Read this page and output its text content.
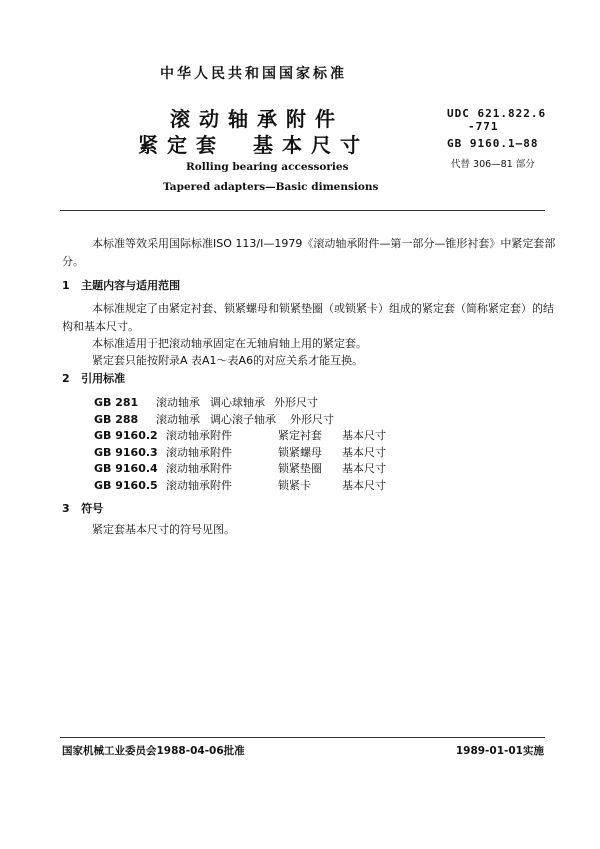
中华人民共和国国家标准
滚动轴承附件
紧定套 基本尺寸
Rolling bearing accessories
Tapered adapters—Basic dimensions
UDC 621.822.6
-771
GB 9160.1—88
代替 306—81 部分
本标准等效采用国际标准ISO 113/I—1979《滚动轴承附件—第一部分—锥形衬套》中紧定套部
分。
1 主题内容与适用范围
本标准规定了由紧定衬套、锁紧螺母和锁紧垫圈（或锁紧卡）组成的紧定套（简称紧定套）的结
构和基本尺寸。
本标准适用于把滚动轴承固定在无轴肩轴上用的紧定套。
紧定套只能按附录A 表A1～表A6的对应关系才能互换。
2 引用标准
GB 281 滚动轴承 调心球轴承 外形尺寸
GB 288 滚动轴承 调心滚子轴承 外形尺寸
GB 9160.2 滚动轴承附件	紧定衬套 基本尺寸
GB 9160.3 滚动轴承附件	锁紧螺母 基本尺寸
GB 9160.4 滚动轴承附件	锁紧垫圈 基本尺寸
GB 9160.5 滚动轴承附件	锁紧卡	基本尺寸
3 符号
紧定套基本尺寸的符号见图。
国家机械工业委员会1988-04-06批准	1989-01-01实施
